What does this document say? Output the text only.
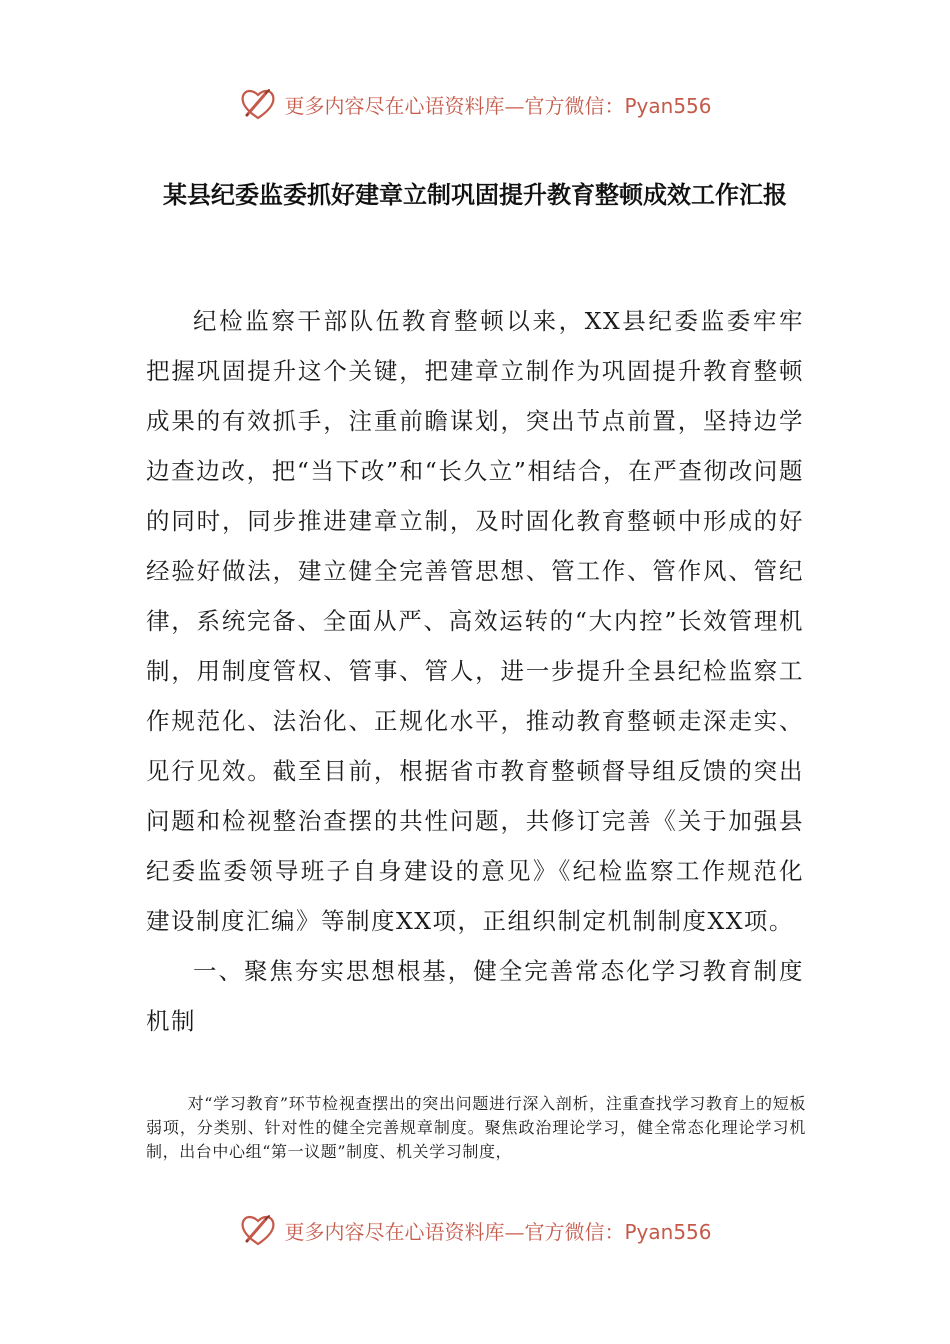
更多内容尽在心语资料库—官方微信：Pyan556
某县纪委监委抓好建章立制巩固提升教育整顿成效工作汇报

纪检监察干部队伍教育整顿以来，XX县纪委监委牢牢把握巩固提升这个关键，把建章立制作为巩固提升教育整顿成果的有效抓手，注重前瞻谋划，突出节点前置，坚持边学边查边改，把“当下改”和“长久立”相结合，在严查彻改问题的同时，同步推进建章立制，及时固化教育整顿中形成的好经验好做法，建立健全完善管思想、管工作、管作风、管纪律，系统完备、全面从严、高效运转的“大内控”长效管理机制，用制度管权、管事、管人，进一步提升全县纪检监察工作规范化、法治化、正规化水平，推动教育整顿走深走实、见行见效。截至目前，根据省市教育整顿督导组反馈的突出问题和检视整治查摆的共性问题，共修订完善《关于加强县纪委监委领导班子自身建设的意见》《纪检监察工作规范化建设制度汇编》等制度XX项，正组织制定机制制度XX项。

一、聚焦夯实思想根基，健全完善常态化学习教育制度机制

对“学习教育”环节检视查摆出的突出问题进行深入剖析，注重查找学习教育上的短板弱项，分类别、针对性的健全完善规章制度。聚焦政治理论学习，健全常态化理论学习机制，出台中心组“第一议题”制度、机关学习制度，

更多内容尽在心语资料库—官方微信：Pyan556
